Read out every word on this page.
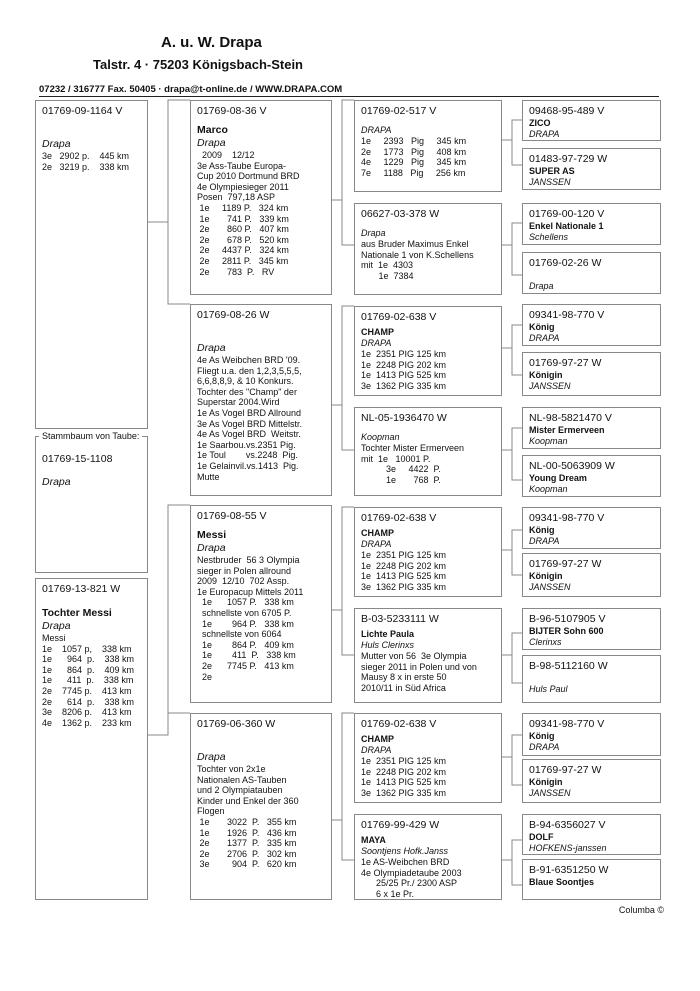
A. u. W. Drapa
Talstr. 4 · 75203 Königsbach-Stein
07232 / 316777 Fax. 50405 · drapa@t-online.de / WWW.DRAPA.COM
01769-09-1164 V
Drapa
3e   2902 p.    445 km
2e   3219 p.    338 km
01769-15-1108
Drapa
Stammbaum von Taube:
01769-13-821 W
Tochter Messi
Drapa
Messi
1e    1057 p,    338 km
1e      964  p.    338 km
1e      864  p.    409 km
1e      411  p.    338 km
2e    7745 p.    413 km
2e      614  p.    338 km
3e    8206 p.    413 km
4e    1362 p.    233 km
01769-08-36 V
Marco
Drapa
2009    12/12
3e Ass-Taube Europa-
Cup 2010 Dortmund BRD
4e Olympiesieger 2011
Posen  797,18 ASP
1e     1189 P.   324 km
1e       741 P.   339 km
2e       860 P.   407 km
2e       678 P.   520 km
2e     4437 P.   324 km
2e     2811 P.   345 km
2e       783  P.   RV
01769-08-26 W
Drapa
4e As Weibchen BRD '09.
Fliegt u.a. den 1,2,3,5,5,5,
6,6,8,8,9, & 10 Konkurs.
Tochter des "Champ" der
Superstar 2004.Wird
1e As Vogel BRD Allround
3e As Vogel BRD Mittelstr.
4e As Vogel BRD  Weitstr.
1e Saarbou.vs.2351 Pig.
1e Toul        vs.2248  Pig.
1e Gelainvil.vs.1413  Pig.
Mutte
01769-08-55 V
Messi
Drapa
Nestbruder  56 3 Olympia
sieger in Polen allround
2009  12/10  702 Assp.
1e Europacup Mittels 2011
1e      1057 P.   338 km
schnellste von 6705 P.
1e        964 P.   338 km
schnellste von 6064
1e        864 P.   409 km
1e        411  P.   338 km
2e      7745 P.   413 km
2e
01769-06-360 W
Drapa
Tochter von 2x1e
Nationalen AS-Tauben
und 2 Olympiatauben
Kinder und Enkel der 360
Flogen
1e       3022  P.   355 km
1e       1926  P.   436 km
2e       1377  P.   335 km
2e       2706  P.   302 km
3e         904  P.   620 km
01769-02-517 V
DRAPA
1e     2393   Pig     345 km
2e     1773   Pig     408 km
4e     1229   Pig     345 km
7e     1188   Pig     256 km
06627-03-378 W
Drapa
aus Bruder Maximus Enkel
Nationale 1 von K.Schellens
mit  1e  4303
1e  7384
01769-02-638 V
CHAMP
DRAPA
1e  2351 PIG 125 km
1e  2248 PIG 202 km
1e  1413 PIG 525 km
3e  1362 PIG 335 km
NL-05-1936470 W
Koopman
Tochter Mister Ermerveen
mit  1e   10001 P.
3e     4422  P.
1e       768  P.
01769-02-638 V
CHAMP
DRAPA
1e  2351 PIG 125 km
1e  2248 PIG 202 km
1e  1413 PIG 525 km
3e  1362 PIG 335 km
B-03-5233111 W
Lichte Paula
Huls Clerinxs
Mutter von 56  3e Olympia
sieger 2011 in Polen und von
Mausy 8 x in erste 50
2010/11 in Süd Africa
01769-02-638 V
CHAMP
DRAPA
1e  2351 PIG 125 km
1e  2248 PIG 202 km
1e  1413 PIG 525 km
3e  1362 PIG 335 km
01769-99-429 W
MAYA
Soontjens Hofk.Janss
1e AS-Weibchen BRD
4e Olympiadetaube 2003
25/25 Pr./ 2300 ASP
6 x 1e Pr.
09468-95-489 V
ZICO
DRAPA
01483-97-729 W
SUPER AS
JANSSEN
01769-00-120 V
Enkel Nationale 1
Schellens
01769-02-26 W
Drapa
09341-98-770 V
König
DRAPA
01769-97-27 W
Königin
JANSSEN
NL-98-5821470 V
Mister Ermerveen
Koopman
NL-00-5063909 W
Young Dream
Koopman
09341-98-770 V
König
DRAPA
01769-97-27 W
Königin
JANSSEN
B-96-5107905 V
BIJTER Sohn 600
Clerinxs
B-98-5112160 W
Huls Paul
09341-98-770 V
König
DRAPA
01769-97-27 W
Königin
JANSSEN
B-94-6356027 V
DOLF
HOFKENS-janssen
B-91-6351250 W
Blaue Soontjes
Columba ©
